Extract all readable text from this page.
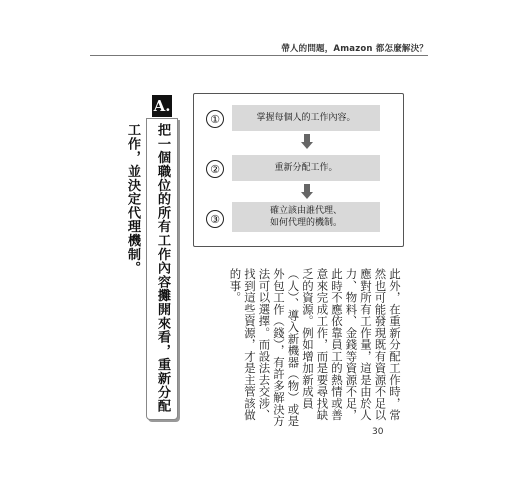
帶人的問題，Amazon 都怎麼解決？
A.
把一個職位的所有工作內容攤開來看，重新分配工作，並決定代理機制。
①	掌握每個人的工作內容。
②	重新分配工作。
③
確立該由誰代理、
如何代理的機制。
此外，在重新分配工作時，常然也可能發現既有資源不足以應對所有工作量，這是由於人力、物料、金錢等資源不足，此時不應依靠員工的熱情或善意來完成工作，而是要尋找缺乏的資源。例如增加新成員（人）、導入新機器（物）或是外包工作（錢），有許多解決方法可以選擇。而設法去交涉、找到這些資源，才是主管該做的事。
30
